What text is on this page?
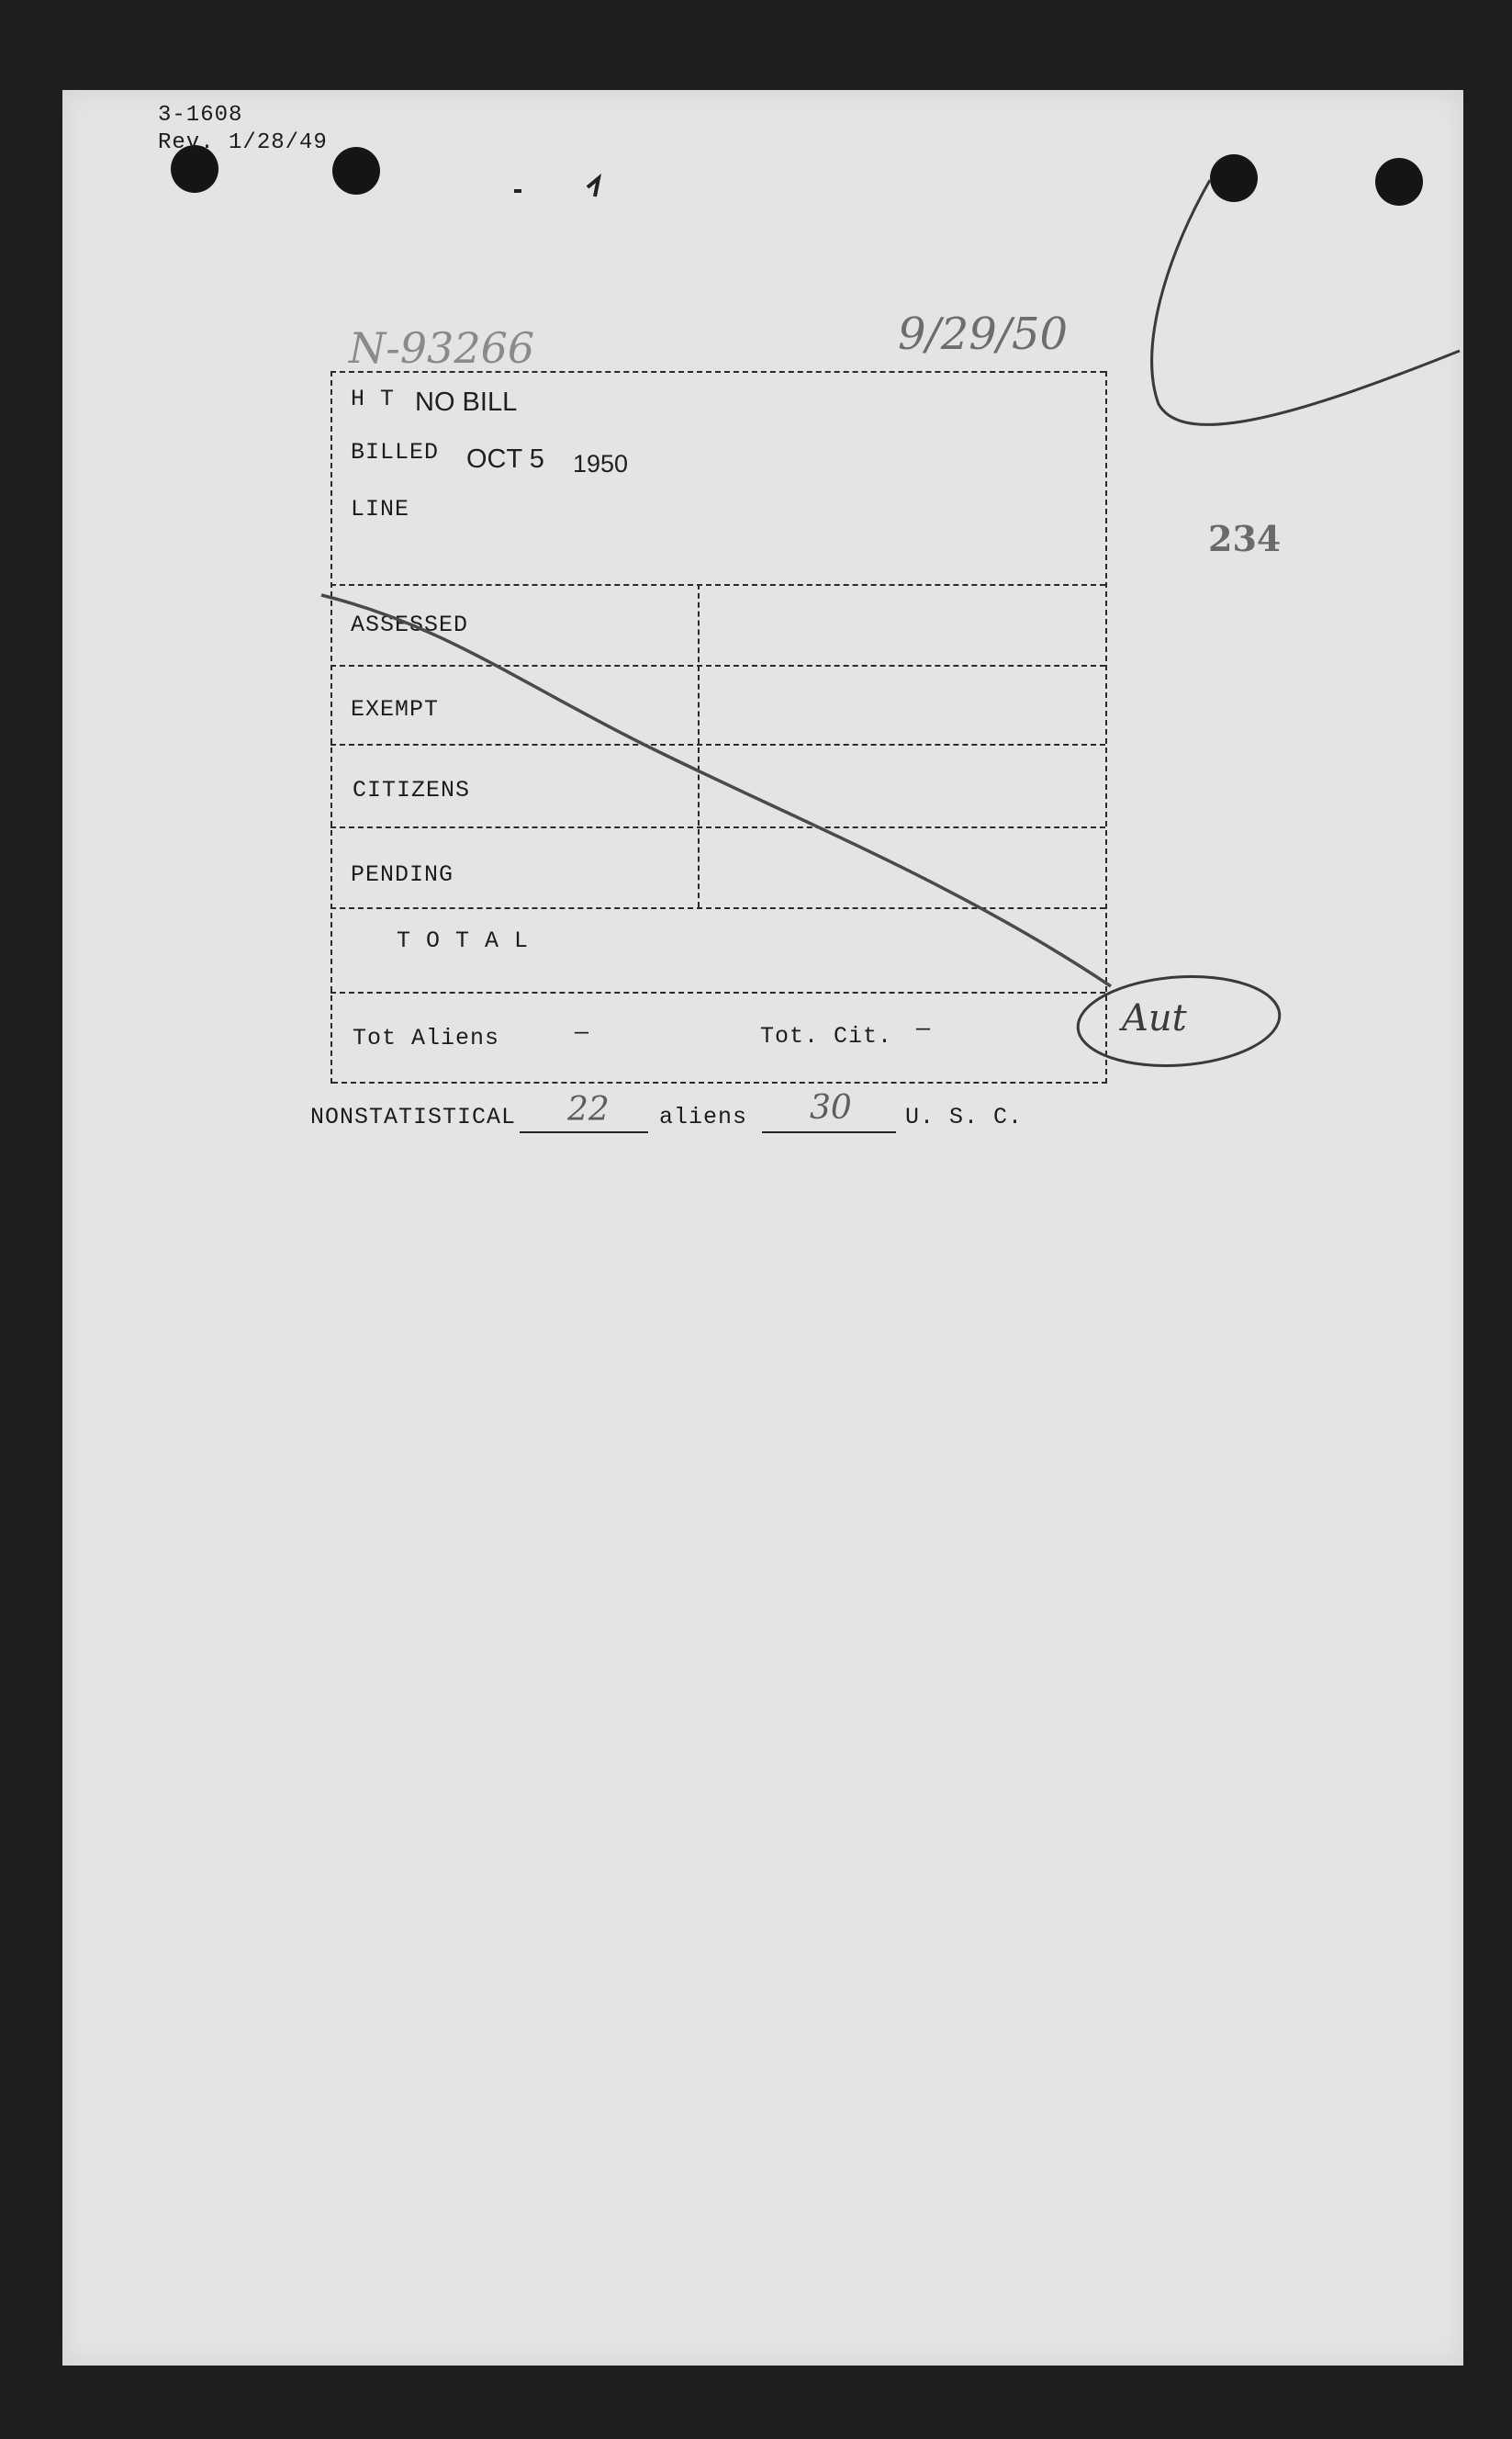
3-1608
Rev. 1/28/49
N-93266	9/29/50
234
H T NO BILL
BILLED OCT 5 1950
LINE
ASSESSED
EXEMPT
CITIZENS
PENDING
T O T A L
Tot Aliens	—	Tot. Cit. —
NONSTATISTICAL 22 aliens 30 U. S. C.
Aut
